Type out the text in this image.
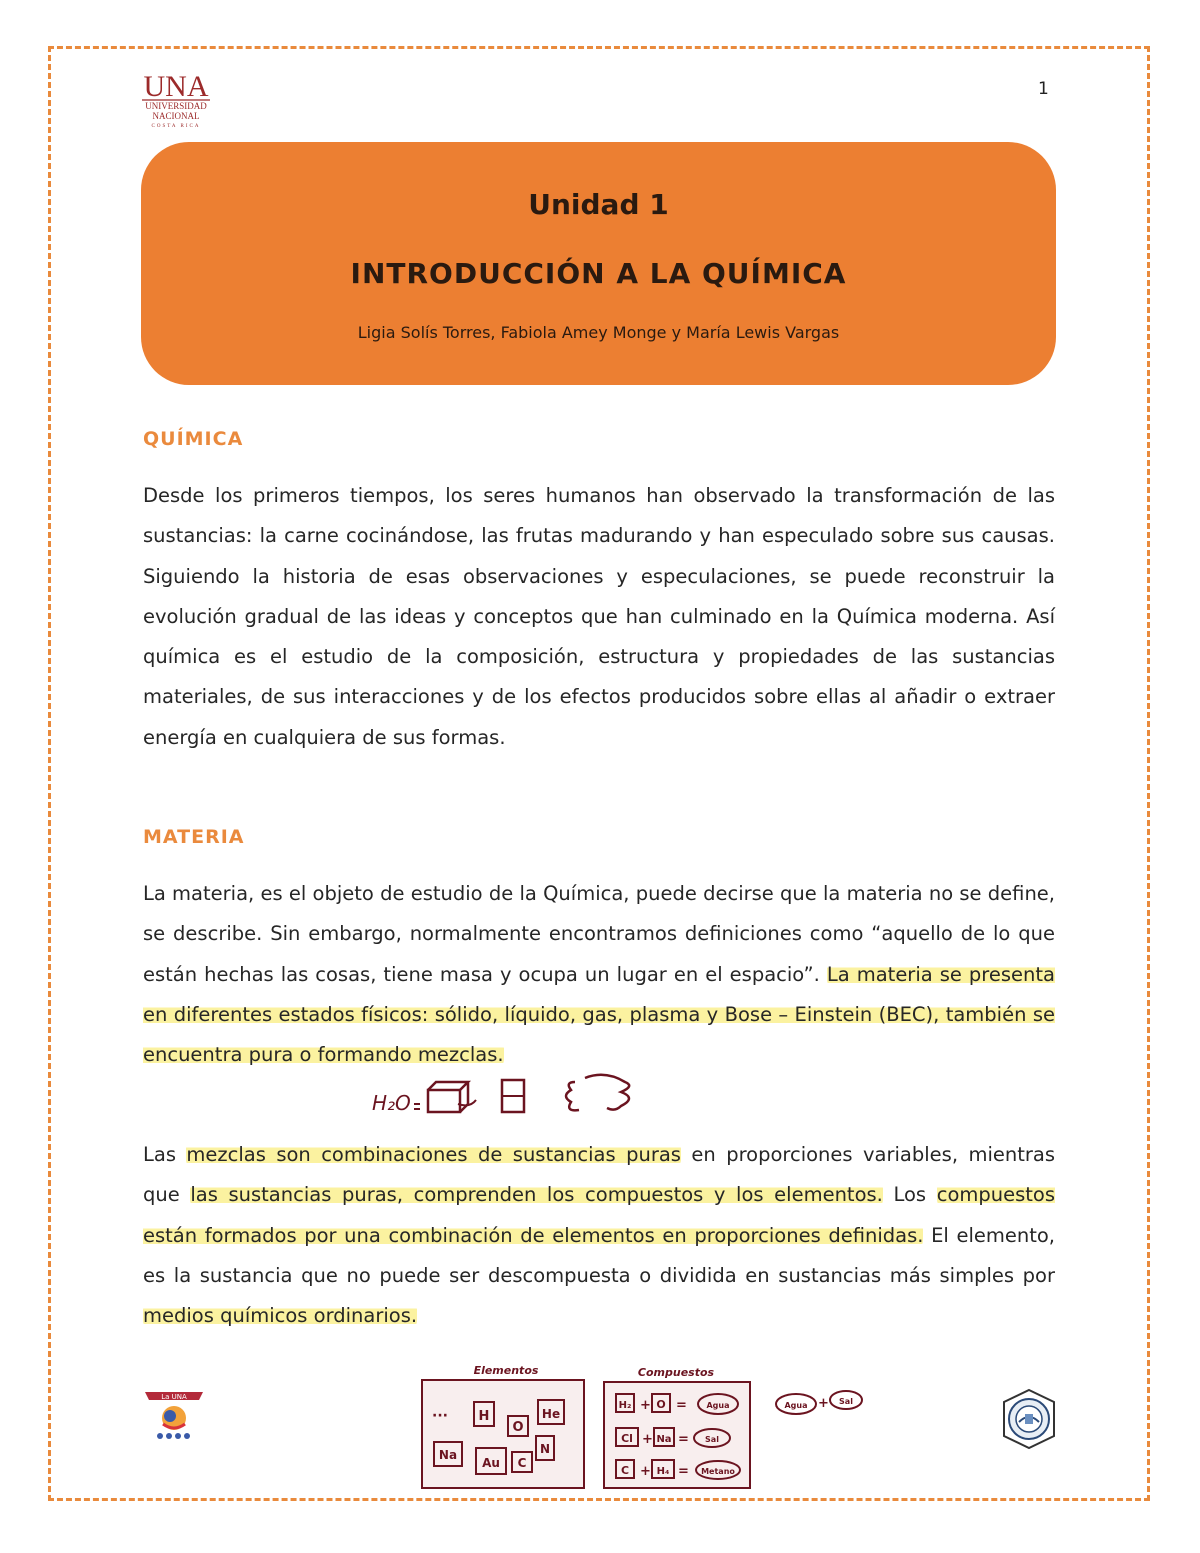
UNA
UNIVERSIDAD
NACIONAL
COSTA RICA
1
Unidad 1
INTRODUCCIÓN A LA QUÍMICA
Ligia Solís Torres, Fabiola Amey Monge y María Lewis Vargas
QUÍMICA
Desde los primeros tiempos, los seres humanos han observado la transformación de las sustancias: la carne cocinándose, las frutas madurando y han especulado sobre sus causas. Siguiendo la historia de esas observaciones y especulaciones, se puede reconstruir la evolución gradual de las ideas y conceptos que han culminado en la Química moderna. Así química es el estudio de la composición, estructura y propiedades de las sustancias materiales, de sus interacciones y de los efectos producidos sobre ellas al añadir o extraer energía en cualquiera de sus formas.
MATERIA
La materia, es el objeto de estudio de la Química, puede decirse que la materia no se define, se describe. Sin embargo, normalmente encontramos definiciones como “aquello de lo que están hechas las cosas, tiene masa y ocupa un lugar en el espacio”. La materia se presenta en diferentes estados físicos: sólido, líquido, gas, plasma y Bose – Einstein (BEC), también se encuentra pura o formando mezclas.
H₂O
Las mezclas son combinaciones de sustancias puras en proporciones variables, mientras que las sustancias puras, comprenden los compuestos y los elementos. Los compuestos están formados por una combinación de elementos en proporciones definidas. El elemento, es la sustancia que no puede ser descompuesta o dividida en sustancias más simples por medios químicos ordinarios.
La UNA
Elementos
··· H
O
He
Na
Au C
N
Compuestos
H₂ + O = Agua
Cl + Na = Sal
C + H₄ = Metano
Agua + Sal
